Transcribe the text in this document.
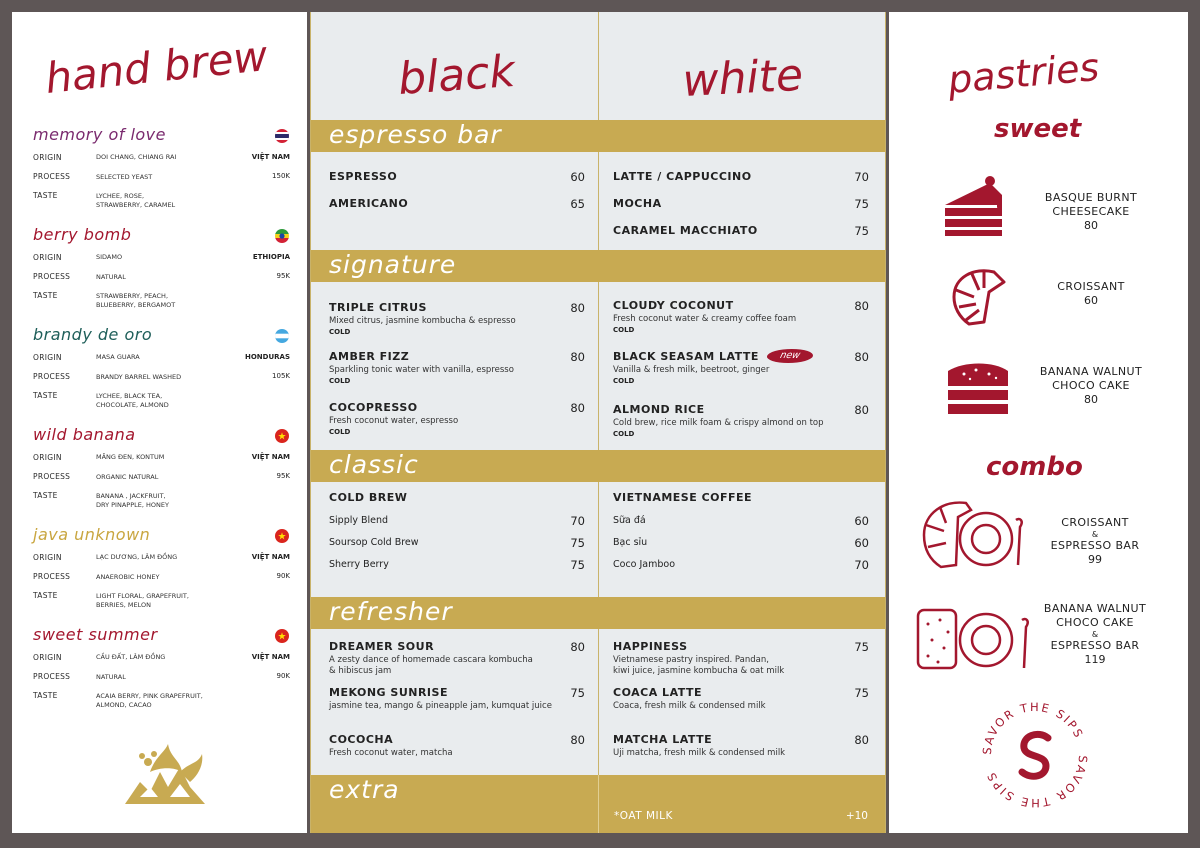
hand brew
memory of love
ORIGIN	DOI CHANG, CHIANG RAI	VIỆT NAM
PROCESS	SELECTED YEAST	150K
TASTE	LYCHEE, ROSE,
STRAWBERRY, CARAMEL
berry bomb
ORIGIN	SIDAMO	ETHIOPIA
PROCESS	NATURAL	95K
TASTE	STRAWBERRY, PEACH,
BLUEBERRY, BERGAMOT
brandy de oro
ORIGIN	MASA GUARA	HONDURAS
PROCESS	BRANDY BARREL WASHED	105K
TASTE	LYCHEE, BLACK TEA,
CHOCOLATE, ALMOND
wild banana
ORIGIN	MĂNG ĐEN, KONTUM	VIỆT NAM
PROCESS	ORGANIC NATURAL	95K
TASTE	BANANA , JACKFRUIT,
DRY PINAPPLE, HONEY
java unknown
ORIGIN	LẠC DƯƠNG, LÂM ĐỒNG	VIỆT NAM
PROCESS	ANAEROBIC HONEY	90K
TASTE	LIGHT FLORAL, GRAPEFRUIT,
BERRIES, MELON
sweet summer
ORIGIN	CẦU ĐẤT, LÂM ĐỒNG	VIỆT NAM
PROCESS	NATURAL	90K
TASTE	ACAIA BERRY, PINK GRAPEFRUIT,
ALMOND, CACAO
black	white
espresso bar
signature
classic
refresher
extra
ESPRESSO	60
AMERICANO	65
LATTE / CAPPUCCINO	70
MOCHA	75
CARAMEL MACCHIATO	75
TRIPLE CITRUS	80
Mixed citrus, jasmine kombucha & espresso
COLD
AMBER FIZZ	80
Sparkling tonic water with vanilla, espresso
COLD
COCOPRESSO	80
Fresh coconut water, espresso
COLD
CLOUDY COCONUT	80
Fresh coconut water & creamy coffee foam
COLD
BLACK SEASAM LATTE	80
new
Vanilla & fresh milk, beetroot, ginger
COLD
ALMOND RICE	80
Cold brew, rice milk foam & crispy almond on top
COLD
COLD BREW
Sipply Blend	70
Soursop Cold Brew	75
Sherry Berry	75
VIETNAMESE COFFEE
Sữa đá	60
Bạc sỉu	60
Coco Jamboo	70
DREAMER SOUR	80
A zesty dance of homemade cascara kombucha
& hibiscus jam
MEKONG SUNRISE	75
jasmine tea, mango & pineapple jam, kumquat juice
COCOCHA	80
Fresh coconut water, matcha
HAPPINESS	75
Vietnamese pastry inspired. Pandan,
kiwi juice, jasmine kombucha & oat milk
COACA LATTE	75
Coaca, fresh milk & condensed milk
MATCHA LATTE	80
Uji matcha, fresh milk & condensed milk
*OAT MILK	+10
pastries
sweet
combo
BASQUE BURNT
CHEESECAKE
80
CROISSANT
60
BANANA WALNUT
CHOCO CAKE
80
CROISSANT
&
ESPRESSO BAR
99
BANANA WALNUT
CHOCO CAKE
&
ESPRESSO BAR
119
SAVOR THE SIPS
SAVOR THE SIPS
